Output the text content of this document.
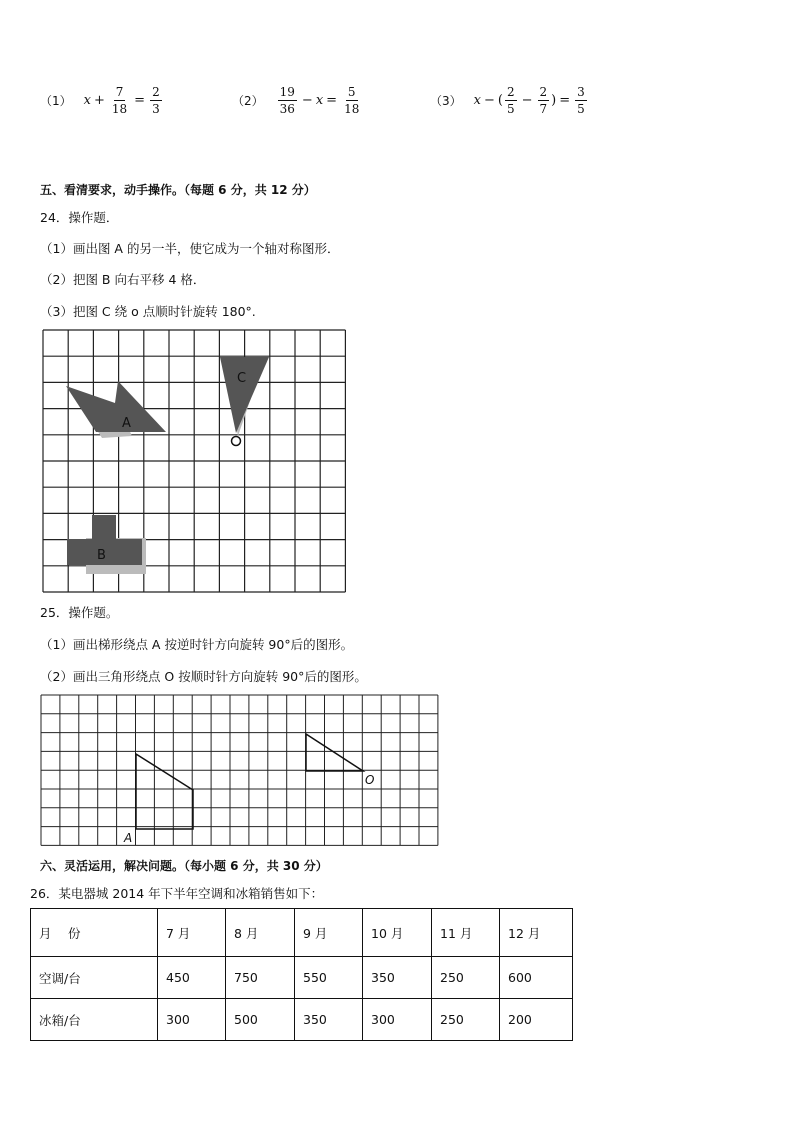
（1） $x + \frac{7}{18} = \frac{2}{3}$	$(2) \frac{19}{36} - x = \frac{5}{18}$	（3） x − ( $\frac{2}{5} - \frac{2}{7}$ ) = $\frac{3}{5}$
五、看清要求，动手操作。（每题 6 分，共 12 分）
24．操作题．
（1）画出图 A 的另一半，使它成为一个轴对称图形．
（2）把图 B 向右平移 4 格．
（3）把图 C 绕 o 点顺时针旋转 180°.
A
B
C
25．操作题。
（1）画出梯形绕点 A 按逆时针方向旋转 90°后的图形。
（2）画出三角形绕点 O 按顺时针方向旋转 90°后的图形。
A
O
六、灵活运用，解决问题。（每小题 6 分，共 30 分）
26．某电器城 2014 年下半年空调和冰箱销售如下：
月　 份	7 月	8 月	9 月	10 月	11 月	12 月
空调/台	450	750	550	350	250	600
冰箱/台	300	500	350	300	250	200
